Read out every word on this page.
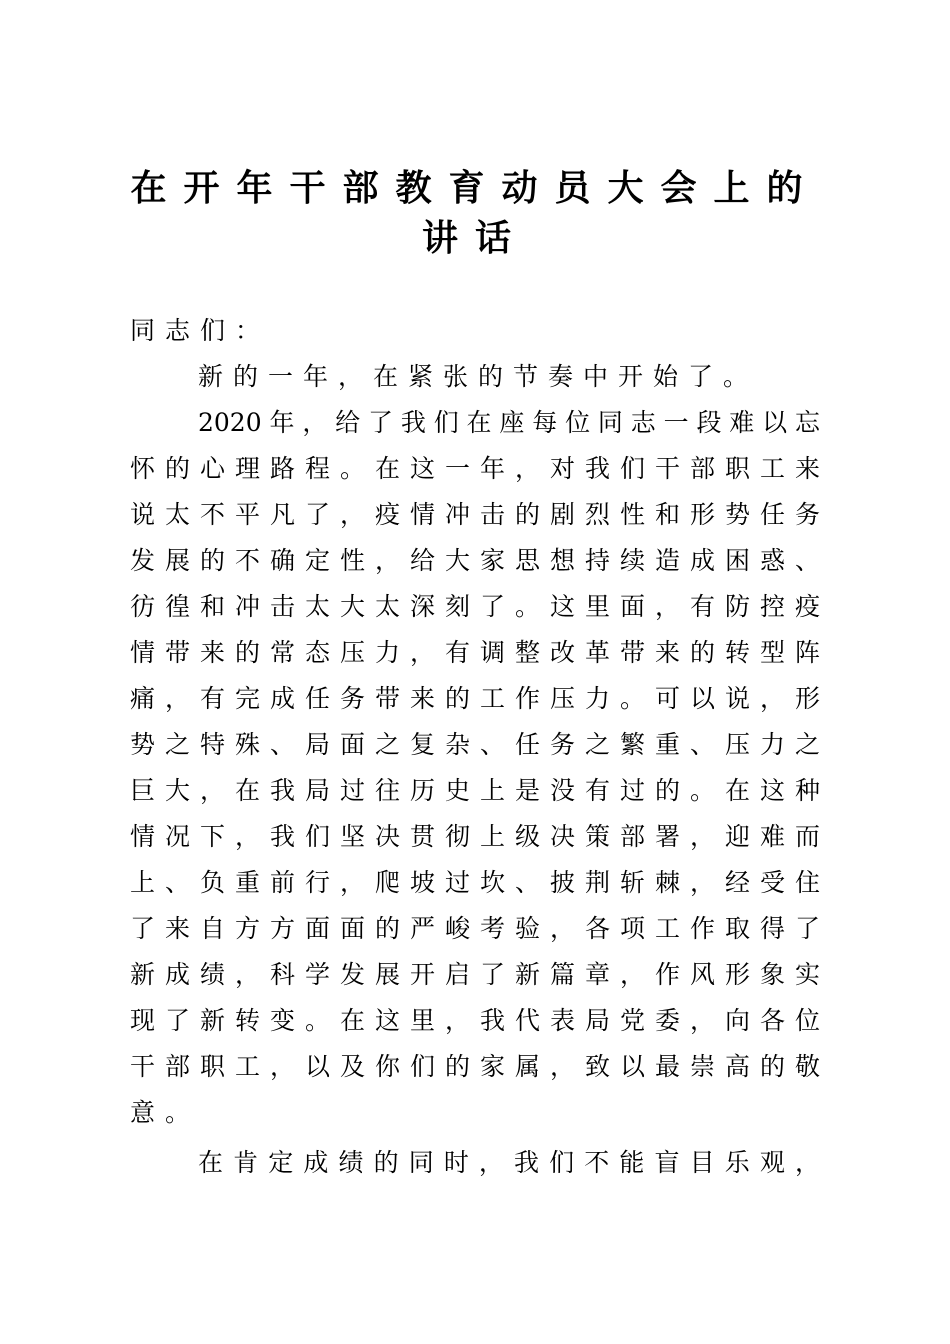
在开年干部教育动员大会上的
讲话

同志们：

新的一年，在紧张的节奏中开始了。

2020年，给了我们在座每位同志一段难以忘

怀的心理路程。在这一年，对我们干部职工来

说太不平凡了，疫情冲击的剧烈性和形势任务

发展的不确定性，给大家思想持续造成困惑、

彷徨和冲击太大太深刻了。这里面，有防控疫

情带来的常态压力，有调整改革带来的转型阵

痛，有完成任务带来的工作压力。可以说，形

势之特殊、局面之复杂、任务之繁重、压力之

巨大，在我局过往历史上是没有过的。在这种

情况下，我们坚决贯彻上级决策部署，迎难而

上、负重前行，爬坡过坎、披荆斩棘，经受住

了来自方方面面的严峻考验，各项工作取得了

新成绩，科学发展开启了新篇章，作风形象实

现了新转变。在这里，我代表局党委，向各位

干部职工，以及你们的家属，致以最崇高的敬

意。

在肯定成绩的同时，我们不能盲目乐观，
